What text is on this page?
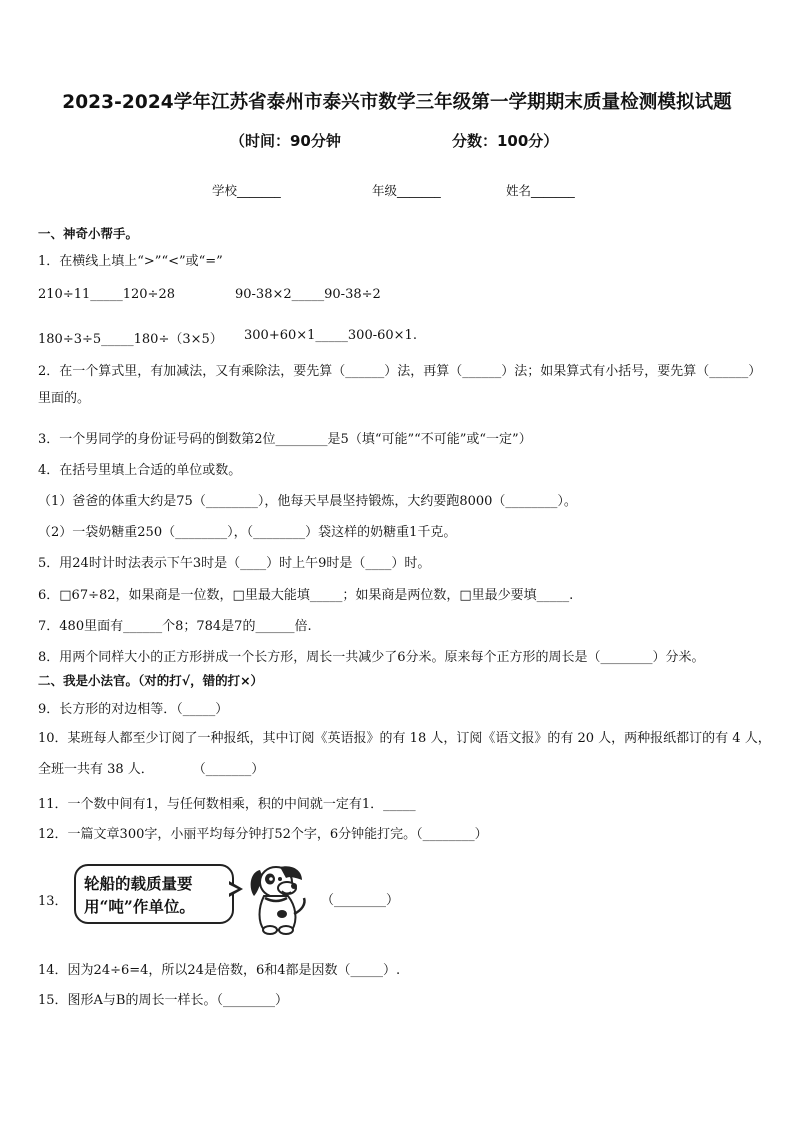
2023-2024学年江苏省泰州市泰兴市数学三年级第一学期期末质量检测模拟试题
（时间：90分钟	分数：100分）
学校_______	年级_______	姓名_______
一、神奇小帮手。
1．在横线上填上“>”“<”或“=”
210÷11_____120÷28	90-38×2_____90-38÷2
180÷3÷5_____180÷（3×5） 300+60×1_____300-60×1.
2．在一个算式里，有加减法，又有乘除法，要先算（______）法，再算（______）法；如果算式有小括号，要先算（______）里面的。
3．一个男同学的身份证号码的倒数第2位________是5（填“可能”“不可能”或“一定”）
4．在括号里填上合适的单位或数。
（1）爸爸的体重大约是75（________），他每天早晨坚持锻炼，大约要跑8000（________）。
（2）一袋奶糖重250（________），（________）袋这样的奶糖重1千克。
5．用24时计时法表示下午3时是（____）时上午9时是（____）时。
6．□67÷82，如果商是一位数，□里最大能填_____；如果商是两位数，□里最少要填_____.
7．480里面有______个8；784是7的______倍.
8．用两个同样大小的正方形拼成一个长方形，周长一共减少了6分米。原来每个正方形的周长是（________）分米。
二、我是小法官。（对的打√，错的打×）
9．长方形的对边相等．（_____）
10．某班每人都至少订阅了一种报纸，其中订阅《英语报》的有 18 人，订阅《语文报》的有 20 人，两种报纸都订的有 4 人，全班一共有 38 人．　　　　（_______）
11．一个数中间有1，与任何数相乘，积的中间就一定有1．_____
12．一篇文章300字，小丽平均每分钟打52个字，6分钟能打完。（________）
13．
轮船的载质量要用“吨”作单位。	（________）
14．因为24÷6=4，所以24是倍数，6和4都是因数（_____）.
15．图形A与B的周长一样长。（________）
